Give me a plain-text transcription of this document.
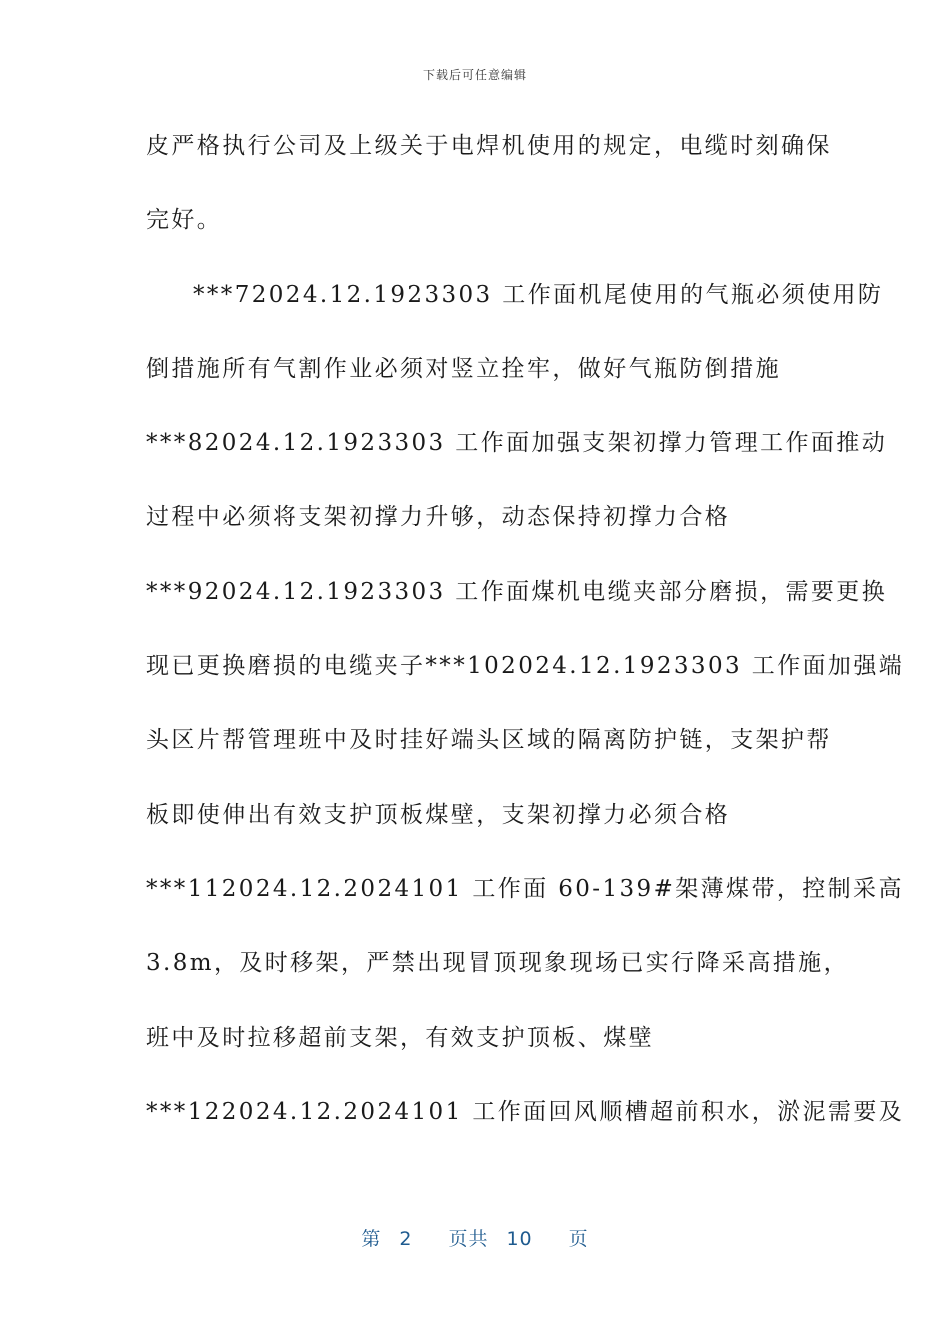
下载后可任意编辑
皮严格执行公司及上级关于电焊机使用的规定，电缆时刻确保
完好。
***72024.12.1923303 工作面机尾使用的气瓶必须使用防
倒措施所有气割作业必须对竖立拴牢，做好气瓶防倒措施
***82024.12.1923303 工作面加强支架初撑力管理工作面推动
过程中必须将支架初撑力升够，动态保持初撑力合格
***92024.12.1923303 工作面煤机电缆夹部分磨损，需要更换
现已更换磨损的电缆夹子***102024.12.1923303 工作面加强端
头区片帮管理班中及时挂好端头区域的隔离防护链，支架护帮
板即使伸出有效支护顶板煤壁，支架初撑力必须合格
***112024.12.2024101 工作面 60-139#架薄煤带，控制采高
3.8m，及时移架，严禁出现冒顶现象现场已实行降采高措施，
班中及时拉移超前支架，有效支护顶板、煤壁
***122024.12.2024101 工作面回风顺槽超前积水，淤泥需要及
第 2 页共 10 页
